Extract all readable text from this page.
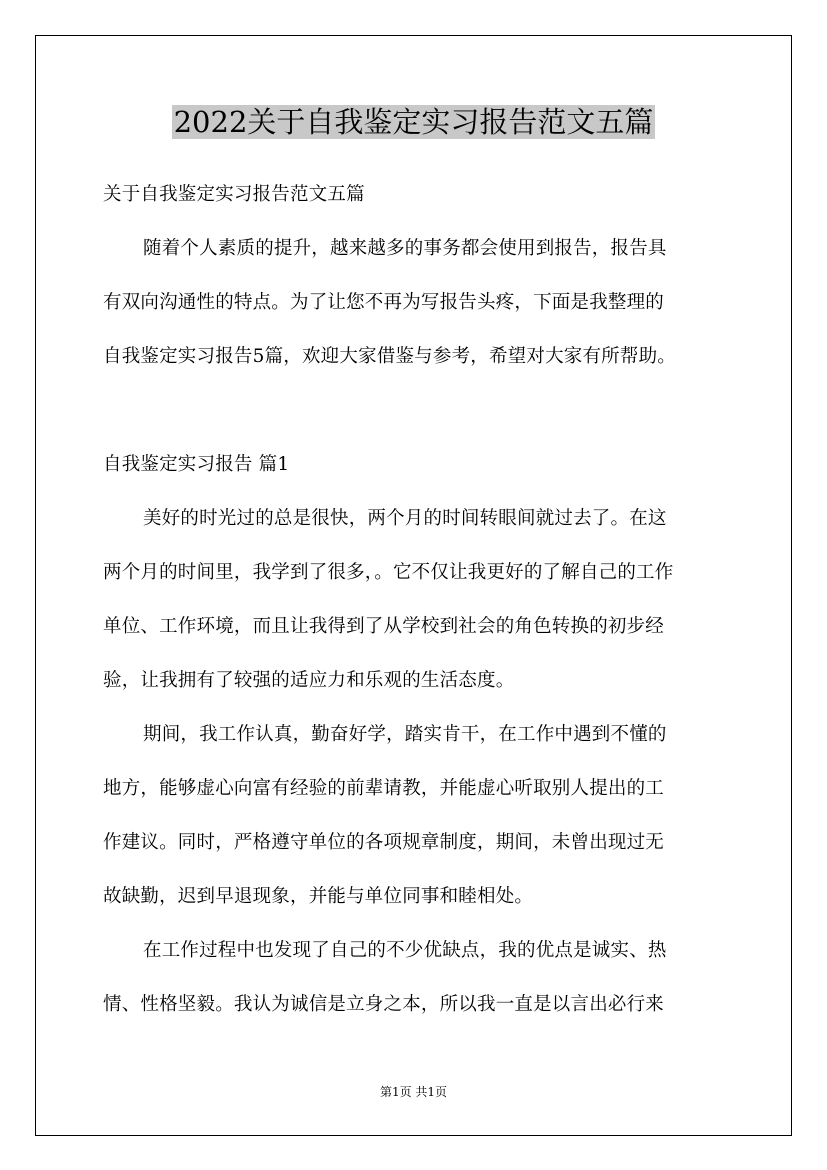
2022关于自我鉴定实习报告范文五篇
关于自我鉴定实习报告范文五篇
随着个人素质的提升，越来越多的事务都会使用到报告，报告具
有双向沟通性的特点。为了让您不再为写报告头疼，下面是我整理的
自我鉴定实习报告5篇，欢迎大家借鉴与参考，希望对大家有所帮助。
自我鉴定实习报告 篇1
美好的时光过的总是很快，两个月的时间转眼间就过去了。在这
两个月的时间里，我学到了很多，。它不仅让我更好的了解自己的工作
单位、工作环境，而且让我得到了从学校到社会的角色转换的初步经
验，让我拥有了较强的适应力和乐观的生活态度。
期间，我工作认真，勤奋好学，踏实肯干，在工作中遇到不懂的
地方，能够虚心向富有经验的前辈请教，并能虚心听取别人提出的工
作建议。同时，严格遵守单位的各项规章制度，期间，未曾出现过无
故缺勤，迟到早退现象，并能与单位同事和睦相处。
在工作过程中也发现了自己的不少优缺点，我的优点是诚实、热
情、性格坚毅。我认为诚信是立身之本，所以我一直是以言出必行来
第1页 共1页
